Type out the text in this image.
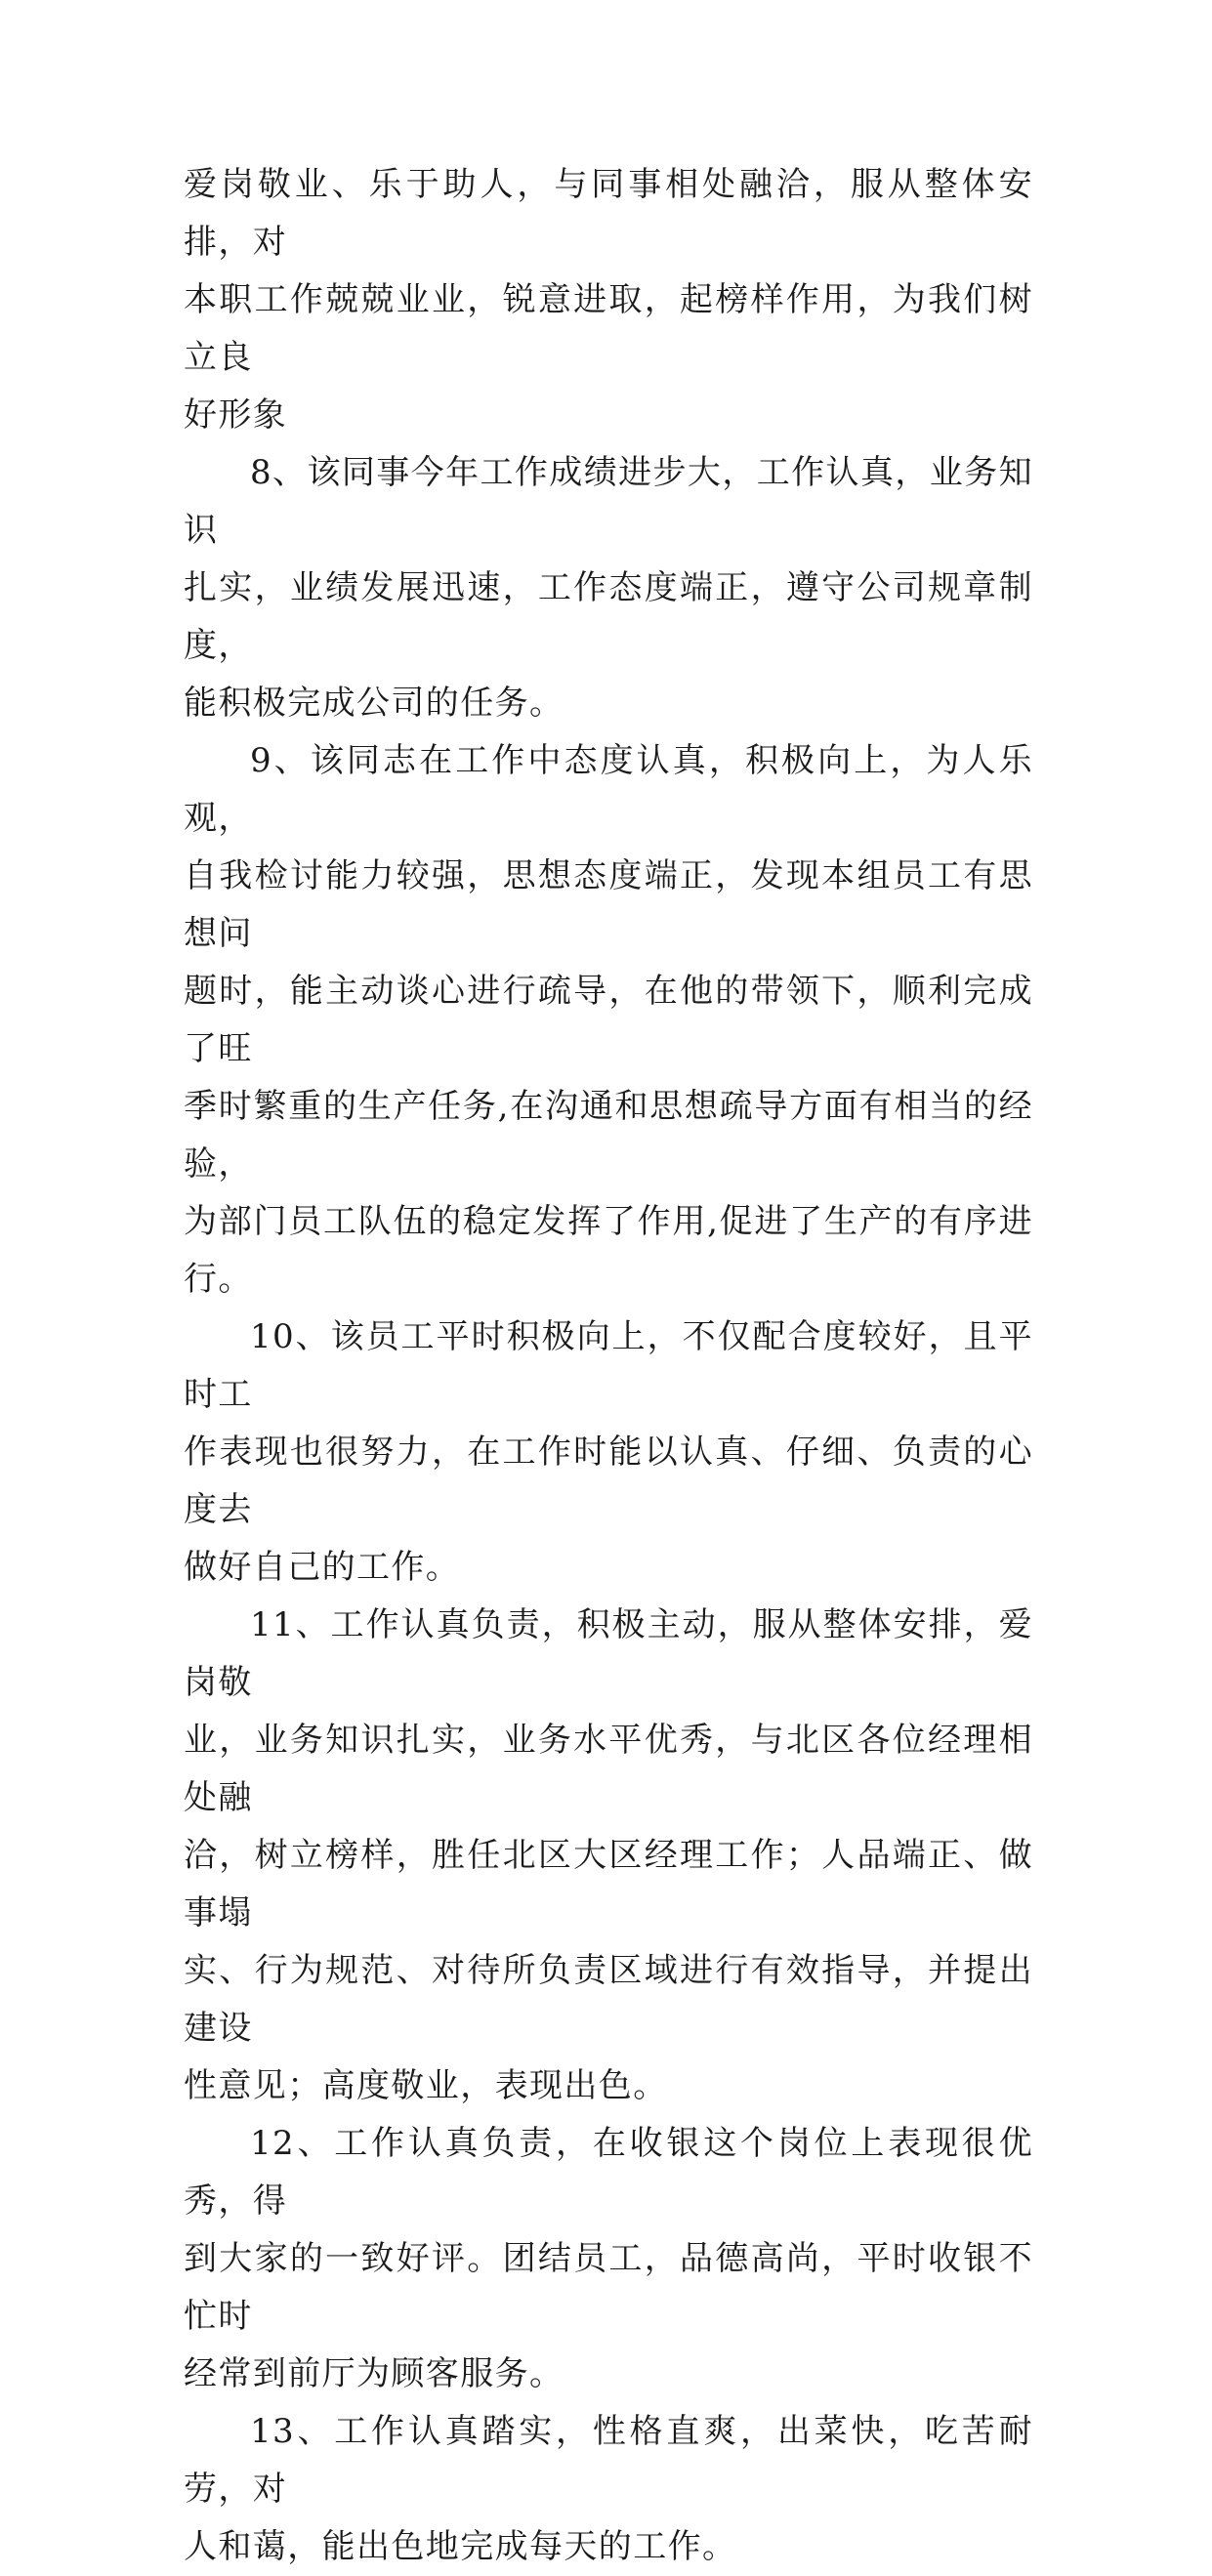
爱岗敬业、乐于助人，与同事相处融洽，服从整体安排，对
本职工作兢兢业业，锐意进取，起榜样作用，为我们树立良
好形象

8、该同事今年工作成绩进步大，工作认真，业务知识
扎实，业绩发展迅速，工作态度端正，遵守公司规章制度，
能积极完成公司的任务。

9、该同志在工作中态度认真，积极向上，为人乐观，
自我检讨能力较强，思想态度端正，发现本组员工有思想问
题时，能主动谈心进行疏导，在他的带领下，顺利完成了旺
季时繁重的生产任务,在沟通和思想疏导方面有相当的经验，
为部门员工队伍的稳定发挥了作用,促进了生产的有序进行。

10、该员工平时积极向上，不仅配合度较好，且平时工
作表现也很努力，在工作时能以认真、仔细、负责的心度去
做好自己的工作。

11、工作认真负责，积极主动，服从整体安排，爱岗敬
业，业务知识扎实，业务水平优秀，与北区各位经理相处融
洽，树立榜样，胜任北区大区经理工作；人品端正、做事塌
实、行为规范、对待所负责区域进行有效指导，并提出建设
性意见；高度敬业，表现出色。

12、工作认真负责，在收银这个岗位上表现很优秀，得
到大家的一致好评。团结员工，品德高尚，平时收银不忙时
经常到前厅为顾客服务。

13、工作认真踏实，性格直爽，出菜快，吃苦耐劳，对
人和蔼，能出色地完成每天的工作。
